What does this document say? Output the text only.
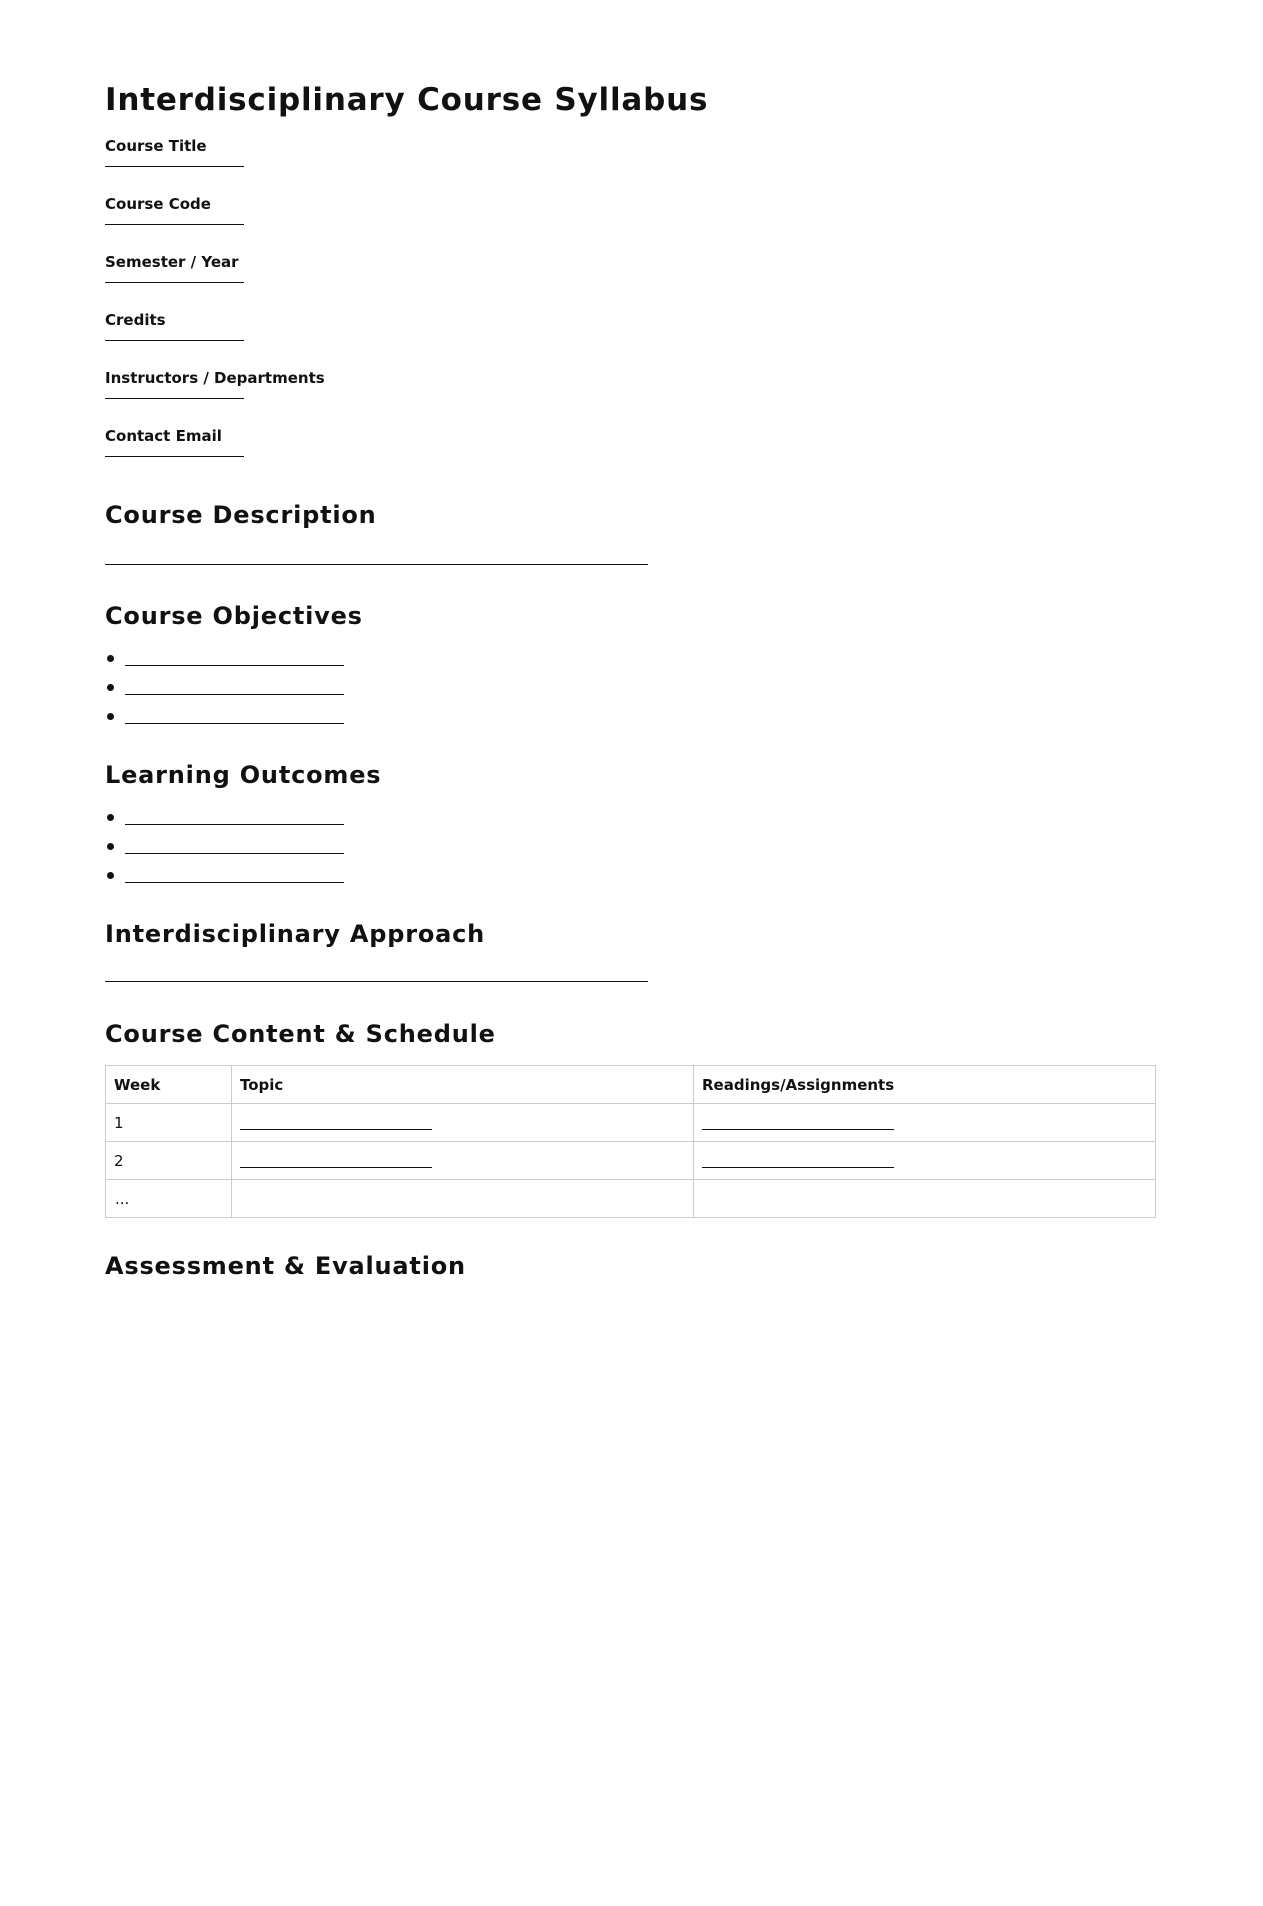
Interdisciplinary Course Syllabus
Course Title
Course Code
Semester / Year
Credits
Instructors / Departments
Contact Email
Course Description
Course Objectives
Learning Outcomes
Interdisciplinary Approach
Course Content & Schedule
Week	Topic	Readings/Assignments
1	

2	

...		

Assessment & Evaluation
